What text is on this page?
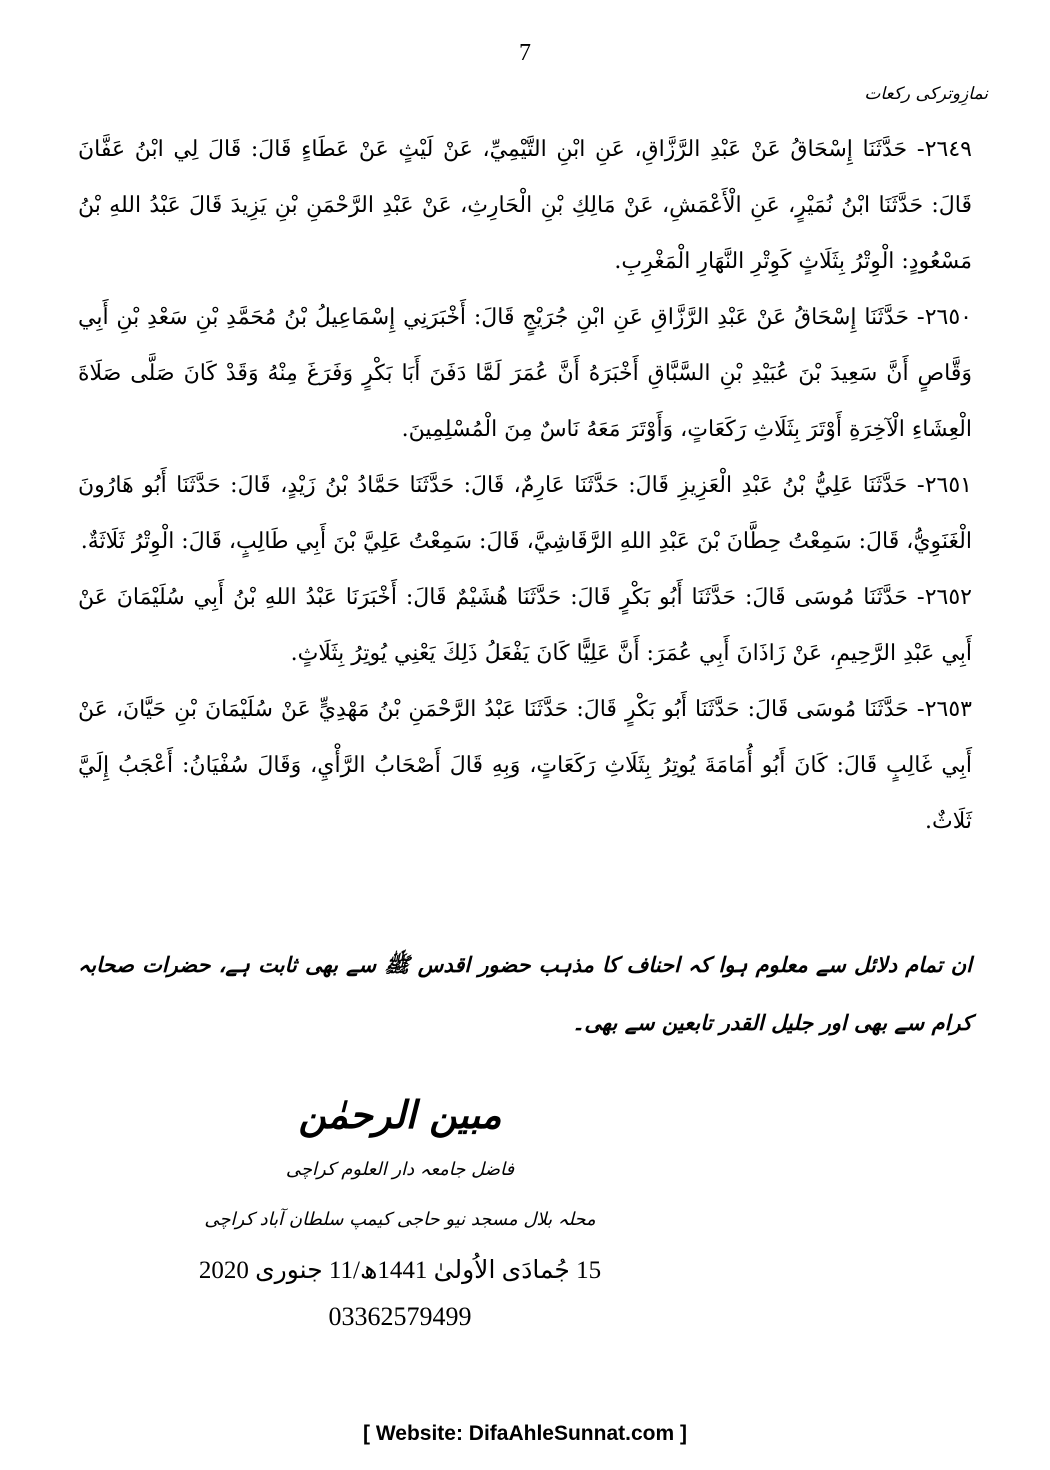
7
نمازِوترکی رکعات

٢٦٤٩- حَدَّثَنَا إِسْحَاقُ عَنْ عَبْدِ الرَّزَّاقِ، عَنِ ابْنِ التَّيْمِيِّ، عَنْ لَيْثٍ عَنْ عَطَاءٍ قَالَ: قَالَ لِي ابْنُ عَفَّانَ قَالَ: حَدَّثَنَا ابْنُ نُمَيْرٍ، عَنِ الْأَعْمَشِ، عَنْ مَالِكِ بْنِ الْحَارِثِ، عَنْ عَبْدِ الرَّحْمَنِ بْنِ يَزِيدَ قَالَ عَبْدُ اللهِ بْنُ مَسْعُودٍ: الْوِتْرُ بِثَلَاثٍ كَوِتْرِ النَّهَارِ الْمَغْرِبِ.

٢٦٥٠- حَدَّثَنَا إِسْحَاقُ عَنْ عَبْدِ الرَّزَّاقِ عَنِ ابْنِ جُرَيْجٍ قَالَ: أَخْبَرَنِي إِسْمَاعِيلُ بْنُ مُحَمَّدِ بْنِ سَعْدِ بْنِ أَبِي وَقَّاصٍ أَنَّ سَعِيدَ بْنَ عُبَيْدِ بْنِ السَّبَّاقِ أَخْبَرَهُ أَنَّ عُمَرَ لَمَّا دَفَنَ أَبَا بَكْرٍ وَفَرَغَ مِنْهُ وَقَدْ كَانَ صَلَّى صَلَاةَ الْعِشَاءِ الْآخِرَةِ أَوْتَرَ بِثَلَاثِ رَكَعَاتٍ، وَأَوْتَرَ مَعَهُ نَاسٌ مِنَ الْمُسْلِمِينَ.

٢٦٥١- حَدَّثَنَا عَلِيُّ بْنُ عَبْدِ الْعَزِيزِ قَالَ: حَدَّثَنَا عَارِمٌ، قَالَ: حَدَّثَنَا حَمَّادُ بْنُ زَيْدٍ، قَالَ: حَدَّثَنَا أَبُو هَارُونَ الْغَنَوِيُّ، قَالَ: سَمِعْتُ حِطَّانَ بْنَ عَبْدِ اللهِ الرَّقَاشِيَّ، قَالَ: سَمِعْتُ عَلِيَّ بْنَ أَبِي طَالِبٍ، قَالَ: الْوِتْرُ ثَلَاثَةٌ.

٢٦٥٢- حَدَّثَنَا مُوسَى قَالَ: حَدَّثَنَا أَبُو بَكْرٍ قَالَ: حَدَّثَنَا هُشَيْمٌ قَالَ: أَخْبَرَنَا عَبْدُ اللهِ بْنُ أَبِي سُلَيْمَانَ عَنْ أَبِي عَبْدِ الرَّحِيمِ، عَنْ زَاذَانَ أَبِي عُمَرَ: أَنَّ عَلِيًّا كَانَ يَفْعَلُ ذَلِكَ يَعْنِي يُوتِرُ بِثَلَاثٍ.

٢٦٥٣- حَدَّثَنَا مُوسَى قَالَ: حَدَّثَنَا أَبُو بَكْرٍ قَالَ: حَدَّثَنَا عَبْدُ الرَّحْمَنِ بْنُ مَهْدِيٍّ عَنْ سُلَيْمَانَ بْنِ حَيَّانَ، عَنْ أَبِي غَالِبٍ قَالَ: كَانَ أَبُو أُمَامَةَ يُوتِرُ بِثَلَاثِ رَكَعَاتٍ، وَبِهِ قَالَ أَصْحَابُ الرَّأْيِ، وَقَالَ سُفْيَانُ: أَعْجَبُ إِلَيَّ ثَلَاثٌ.

ان تمام دلائل سے معلوم ہوا کہ احناف کا مذہب حضور اقدس ﷺ سے بھی ثابت ہے، حضرات صحابہ کرام سے بھی اور جلیل القدر تابعین سے بھی۔
مبین الرحمٰن
فاضل جامعہ دار العلوم کراچی
محلہ بلال مسجد نیو حاجی کیمپ سلطان آباد کراچی
15 جُمادَی الاُولیٰ 1441ھ/11 جنوری 2020
03362579499
[ Website: DifaAhleSunnat.com ]
